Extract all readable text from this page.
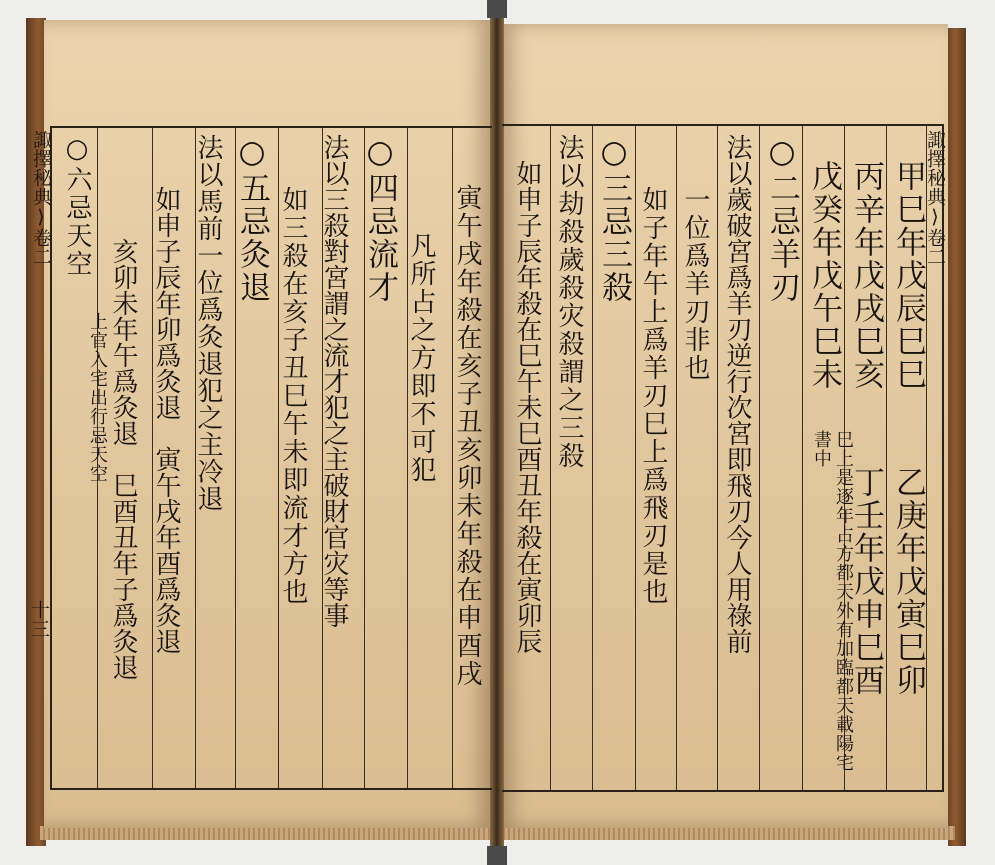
諏擇秘典⟩卷二
十三	寅午戌年殺在亥子丑亥卯未年殺在申酉戌
凡所占之方即不可犯
○四忌流才
法以三殺對宮謂之流才犯之主破財官灾等事
如三殺在亥子丑巳午未即流才方也
○五忌灸退
法以馬前一位爲灸退犯之主冷退
如申子辰年卯爲灸退　寅午戌年酉爲灸退
亥卯未年午爲灸退　巳酉丑年子爲灸退
○六忌天空
上官入宅出行忌天空
諏擇秘典⟩卷二
甲巳年戊辰巳巳
丙辛年戊戌巳亥
乙庚年戊寅巳卯
戊癸年戊午巳未
丁壬年戊申巳酉
巳上是逐年占方都天外有加臨都天載陽宅書中
○二忌羊刃
法以歲破宮爲羊刃逆行次宮即飛刃今人用祿前
一位爲羊刃非也
如子年午上爲羊刃巳上爲飛刃是也
○三忌三殺
法以劫殺歲殺灾殺謂之三殺
如申子辰年殺在巳午未巳酉丑年殺在寅卯辰
